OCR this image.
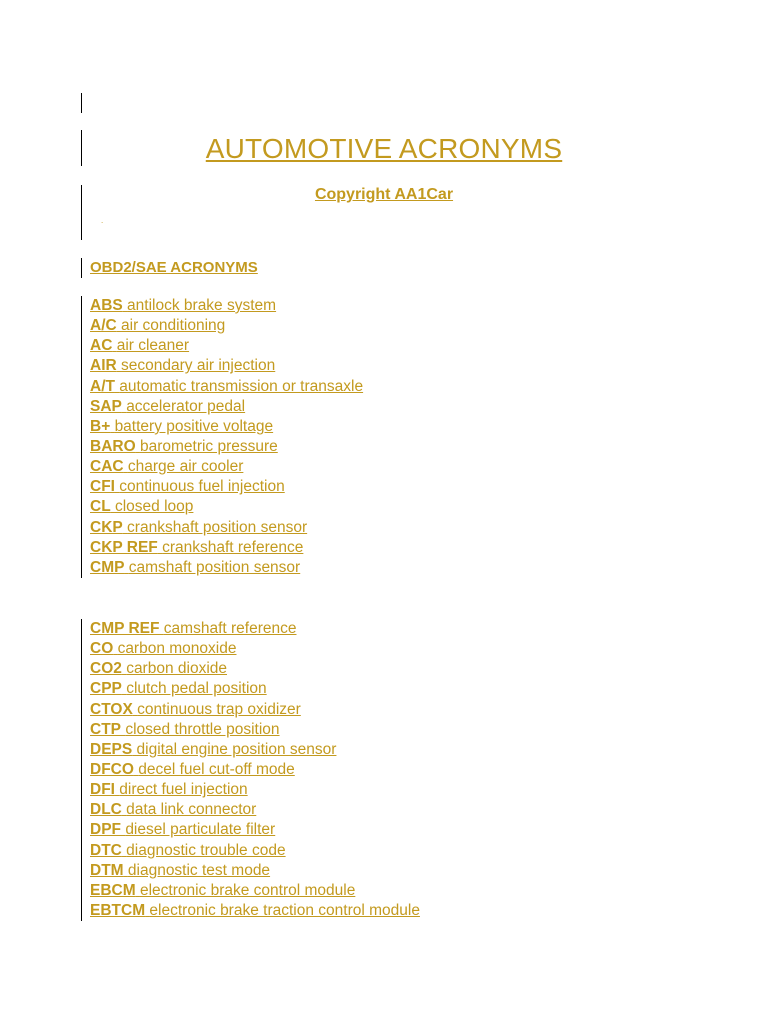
AUTOMOTIVE ACRONYMS
Copyright AA1Car
.
OBD2/SAE ACRONYMS
ABS antilock brake system
A/C air conditioning
AC air cleaner
AIR secondary air injection
A/T automatic transmission or transaxle
SAP accelerator pedal
B+ battery positive voltage
BARO barometric pressure
CAC charge air cooler
CFI continuous fuel injection
CL closed loop
CKP crankshaft position sensor
CKP REF crankshaft reference
CMP camshaft position sensor
CMP REF camshaft reference
CO carbon monoxide
CO2 carbon dioxide
CPP clutch pedal position
CTOX continuous trap oxidizer
CTP closed throttle position
DEPS digital engine position sensor
DFCO decel fuel cut-off mode
DFI direct fuel injection
DLC data link connector
DPF diesel particulate filter
DTC diagnostic trouble code
DTM diagnostic test mode
EBCM electronic brake control module
EBTCM electronic brake traction control module
